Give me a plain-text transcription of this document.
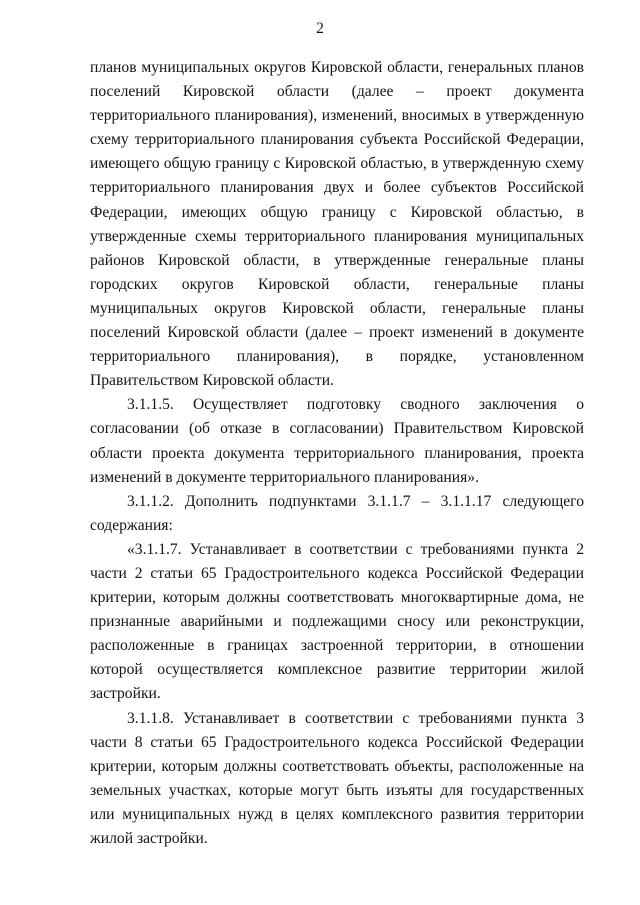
2

планов муниципальных округов Кировской области, генеральных планов поселений Кировской области (далее – проект документа территориального планирования), изменений, вносимых в утвержденную схему территориального планирования субъекта Российской Федерации, имеющего общую границу с Кировской областью, в утвержденную схему территориального планирования двух и более субъектов Российской Федерации, имеющих общую границу с Кировской областью, в утвержденные схемы территориального планирования муниципальных районов Кировской области, в утвержденные генеральные планы городских округов Кировской области, генеральные планы муниципальных округов Кировской области, генеральные планы поселений Кировской области (далее – проект изменений в документе территориального планирования), в порядке, установленном Правительством Кировской области.

3.1.1.5. Осуществляет подготовку сводного заключения о согласовании (об отказе в согласовании) Правительством Кировской области проекта документа территориального планирования, проекта изменений в документе территориального планирования».

3.1.1.2. Дополнить подпунктами 3.1.1.7 – 3.1.1.17 следующего содержания:

«3.1.1.7. Устанавливает в соответствии с требованиями пункта 2 части 2 статьи 65 Градостроительного кодекса Российской Федерации критерии, которым должны соответствовать многоквартирные дома, не признанные аварийными и подлежащими сносу или реконструкции, расположенные в границах застроенной территории, в отношении которой осуществляется комплексное развитие территории жилой застройки.

3.1.1.8. Устанавливает в соответствии с требованиями пункта 3 части 8 статьи 65 Градостроительного кодекса Российской Федерации критерии, которым должны соответствовать объекты, расположенные на земельных участках, которые могут быть изъяты для государственных или муниципальных нужд в целях комплексного развития территории жилой застройки.
